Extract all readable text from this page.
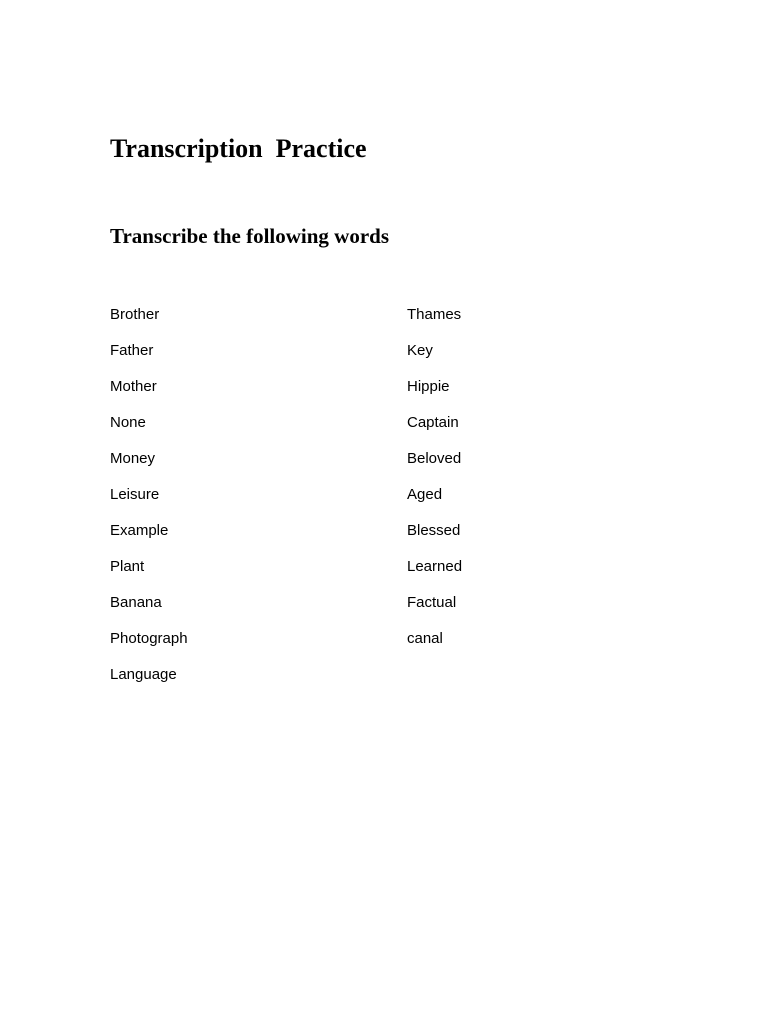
Transcription  Practice
Transcribe the following words
Brother
Father
Mother
None
Money
Leisure
Example
Plant
Banana
Photograph
Language
Thames
Key
Hippie
Captain
Beloved
Aged
Blessed
Learned
Factual
canal
